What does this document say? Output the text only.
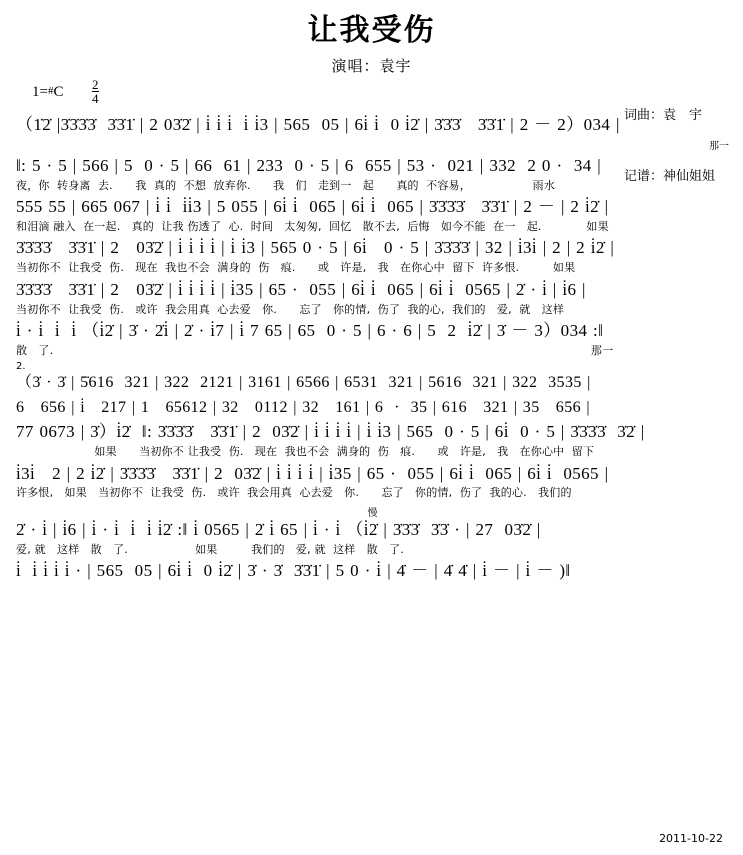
让我受伤
演唱：袁宇

词曲：袁　宇

记谱：神仙姐姐

1=#C $\frac{2}{4}$
（1̇2̇ |3̇3̇3̇3̇  3̇3̇1̇ | 2 03̇2̇ | i̇ i̇ i̇  i̇ i̇3 | 565  05 | 6i̇ i̇  0 i̇2̇ | 3̇3̇3̇   3̇3̇1̇ | 2 － 2）034 |
那一
‖: 5 · 5 | 566 | 5  0 · 5 | 66  61 | 233  0 · 5 | 6  655 | 53 ·  021 | 332  2 0 ·  34 |
夜，你  转身离  去.　　我  真的  不想  放弃你.　　我　们　走到一　起　　真的  不容易，　　　　　　雨水
555 55 | 665 067 | i̇ i̇  i̇i̇3 | 5 055 | 6i̇ i̇  065 | 6i̇ i̇  065 | 3̇3̇3̇3̇   3̇3̇1̇ | 2 － | 2 i̇2̇ |
和泪滴 融入  在一起.　真的  让我 伤透了  心.  时间　太匆匆,  回忆　散不去,  后悔　如今不能  在一　起.　　　　如果
3̇3̇3̇3̇   3̇3̇1̇ | 2   03̇2̇ | i̇ i̇ i̇ i̇ | i̇ i̇3 | 565 0 · 5 | 6i̇   0 · 5 | 3̇3̇3̇3̇ | 32 | i̇3i̇ | 2 | 2 i̇2̇ |
当初你不  让我受  伤.　现在  我也不会  满身的  伤　痕.　　或　许是,　我　在你心中  留下  许多恨.　　　如果
3̇3̇3̇3̇   3̇3̇1̇ | 2   03̇2̇ | i̇ i̇ i̇ i̇ | i̇35 | 65 ·  055 | 6i̇ i̇  065 | 6i̇ i̇  0565 | 2̇ · i̇ | i̇6 |
当初你不  让我受  伤.　或许  我会用真  心去爱　你.　　忘了　你的情,  伤了  我的心,  我们的　爱,  就　这样
i̇ · i̇  i̇  i̇ （i̇2̇ | 3̇ · 2̇i̇ | 2̇ · i̇7 | i̇ 7 65 | 65  0 · 5 | 6 · 6 | 5  2  i̇2̇ | 3̇ － 3）034 :‖
散　了.　　　　　　　　　　　　　　　　　　　　　　　　　　　　　　　　　　　　　　　　　　　　　　　　那一
2.
（3̇ · 3̇ | 5̇616  321 | 322  2121 | 3161 | 6566 | 6531  321 | 5616  321 | 322  3535 |
6   656 | i̇   217 | 1   65612 | 32   0112 | 32   161 | 6  ·  35 | 616   321 | 35   656 |
77 0673 | 3̇）i̇2̇  ‖: 3̇3̇3̇3̇   3̇3̇1̇ | 2  03̇2̇ | i̇ i̇ i̇ i̇ | i̇ i̇3 | 565  0 · 5 | 6i̇  0 · 5 | 3̇3̇3̇3̇  3̇2̇ |
　　　　　　　如果　　当初你不 让我受  伤.　现在  我也不会  满身的  伤　痕.　　或　许是,　我　在你心中  留下
i̇3i̇   2 | 2 i̇2̇ | 3̇3̇3̇3̇   3̇3̇1̇ | 2  03̇2̇ | i̇ i̇ i̇ i̇ | i̇35 | 65 ·  055 | 6i̇ i̇  065 | 6i̇ i̇  0565 |
许多恨,　如果　当初你不  让我受  伤.　或许  我会用真  心去爱　你.　　忘了　你的情,  伤了  我的心.　我们的
慢
2̇ · i̇ | i̇6 | i̇ · i̇  i̇  i̇ i̇2̇ :‖ i̇ 0565 | 2̇ i̇ 65 | i̇ · i̇ （i̇2̇ | 3̇3̇3̇  3̇3̇ · | 27  03̇2̇ |
爱, 就　这样　散　了.　　　　　　如果　　　我们的　爱, 就  这样　散　了.
i̇  i̇ i̇ i̇ i̇ · | 565  05 | 6i̇ i̇  0 i̇2̇ | 3̇ · 3̇  3̇3̇1̇ | 5 0 · i̇ | 4̇ － | 4̇ 4̇ | i̇ － | i̇ － )‖
2011-10-22
